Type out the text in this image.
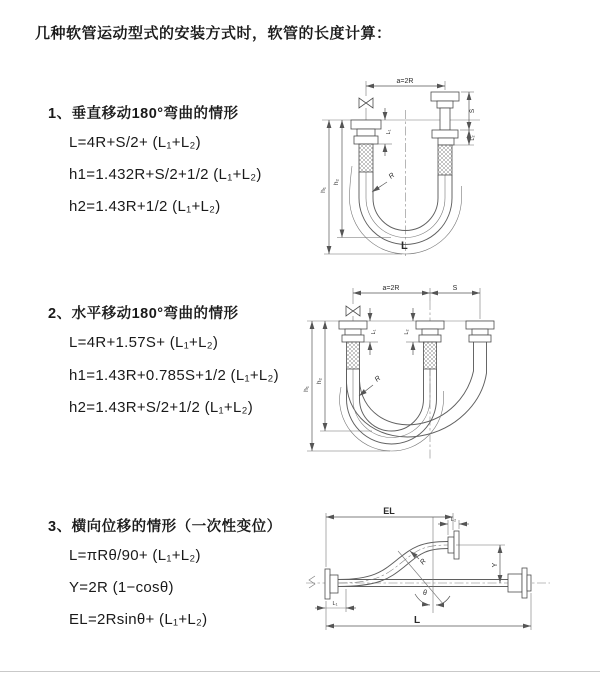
几种软管运动型式的安装方式时，软管的长度计算：
1、垂直移动180°弯曲的情形
L=4R+S/2+ (L₁+L₂)
h1=1.432R+S/2+1/2 (L₁+L₂)
h2=1.43R+1/2 (L₁+L₂)
2、水平移动180°弯曲的情形
L=4R+1.57S+ (L₁+L₂)
h1=1.43R+0.785S+1/2 (L₁+L₂)
h2=1.43R+S/2+1/2 (L₁+L₂)
3、横向位移的情形（一次性变位）
L=πRθ/90+ (L₁+L₂)
Y=2R (1−cosθ)
EL=2Rsinθ+ (L₁+L₂)
a=2R
h₁
h₂
L₁
S
L₂
R
L
a=2R	S
h₁
h₂
L₁	L₂
R
EL
L₂
Y
R
θ
L
L₁
